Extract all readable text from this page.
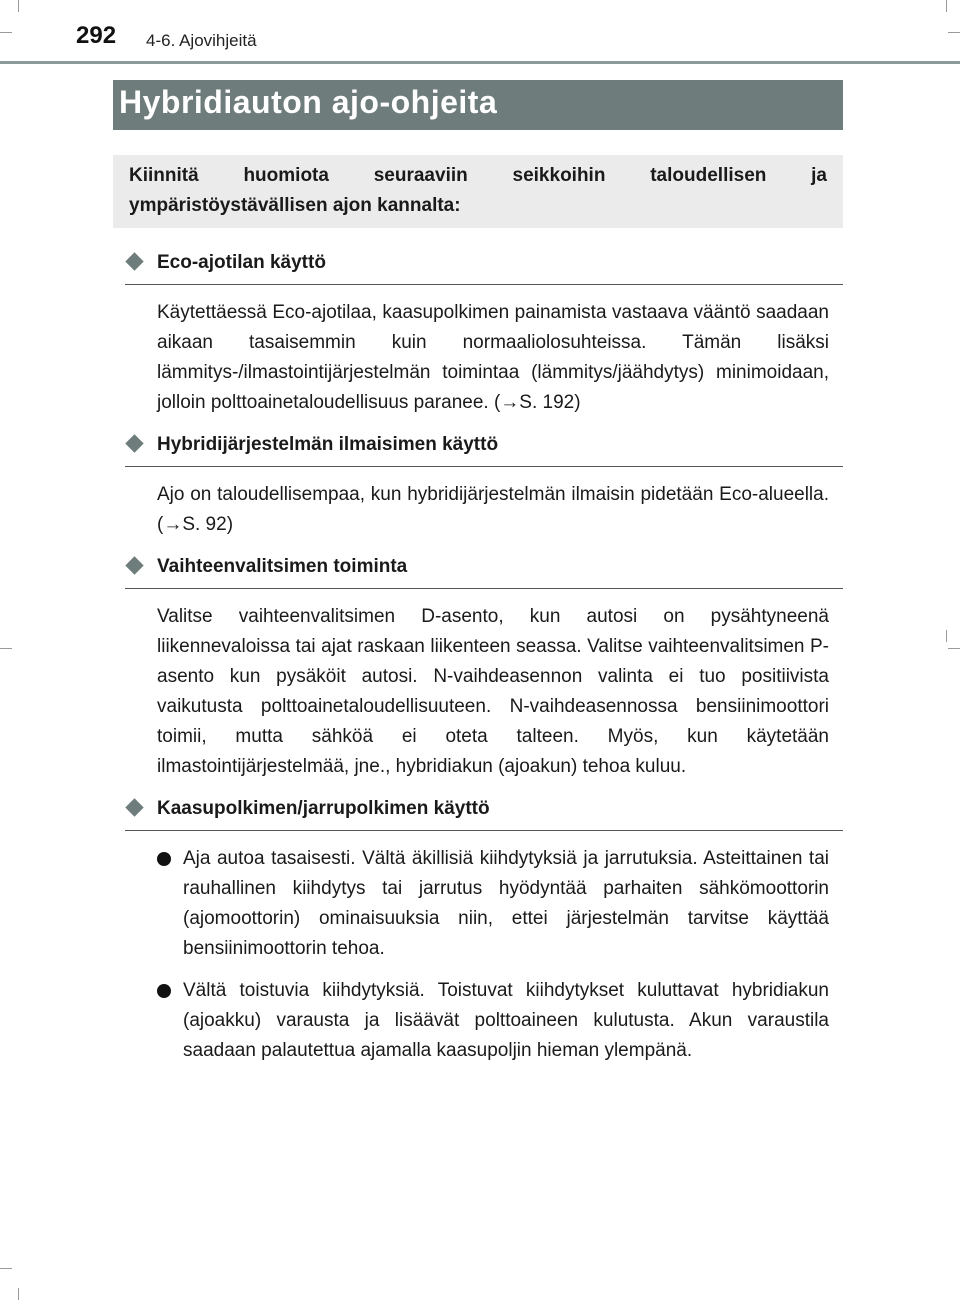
292 4-6. Ajovihjeitä
Hybridiauton ajo-ohjeita
Kiinnitä huomiota seuraaviin seikkoihin taloudellisen ja ympäristöystävällisen ajon kannalta:
Eco-ajotilan käyttö
Käytettäessä Eco-ajotilaa, kaasupolkimen painamista vastaava vääntö saadaan aikaan tasaisemmin kuin normaaliolosuhteissa. Tämän lisäksi lämmitys-/ilmastointijärjestelmän toimintaa (lämmitys/jäähdytys) minimoidaan, jolloin polttoainetaloudellisuus paranee. (→S. 192)
Hybridijärjestelmän ilmaisimen käyttö
Ajo on taloudellisempaa, kun hybridijärjestelmän ilmaisin pidetään Eco-alueella. (→S. 92)
Vaihteenvalitsimen toiminta
Valitse vaihteenvalitsimen D-asento, kun autosi on pysähtyneenä liikennevaloissa tai ajat raskaan liikenteen seassa. Valitse vaihteenvalitsimen P-asento kun pysäköit autosi. N-vaihdeasennon valinta ei tuo positiivista vaikutusta polttoainetaloudellisuuteen. N-vaihdeasennossa bensiinimoottori toimii, mutta sähköä ei oteta talteen. Myös, kun käytetään ilmastointijärjestelmää, jne., hybridiakun (ajoakun) tehoa kuluu.
Kaasupolkimen/jarrupolkimen käyttö
Aja autoa tasaisesti. Vältä äkillisiä kiihdytyksiä ja jarrutuksia. Asteittainen tai rauhallinen kiihdytys tai jarrutus hyödyntää parhaiten sähkömoottorin (ajomoottorin) ominaisuuksia niin, ettei järjestelmän tarvitse käyttää bensiinimoottorin tehoa.
Vältä toistuvia kiihdytyksiä. Toistuvat kiihdytykset kuluttavat hybridiakun (ajoakku) varausta ja lisäävät polttoaineen kulutusta. Akun varaustila saadaan palautettua ajamalla kaasupoljin hieman ylempänä.
